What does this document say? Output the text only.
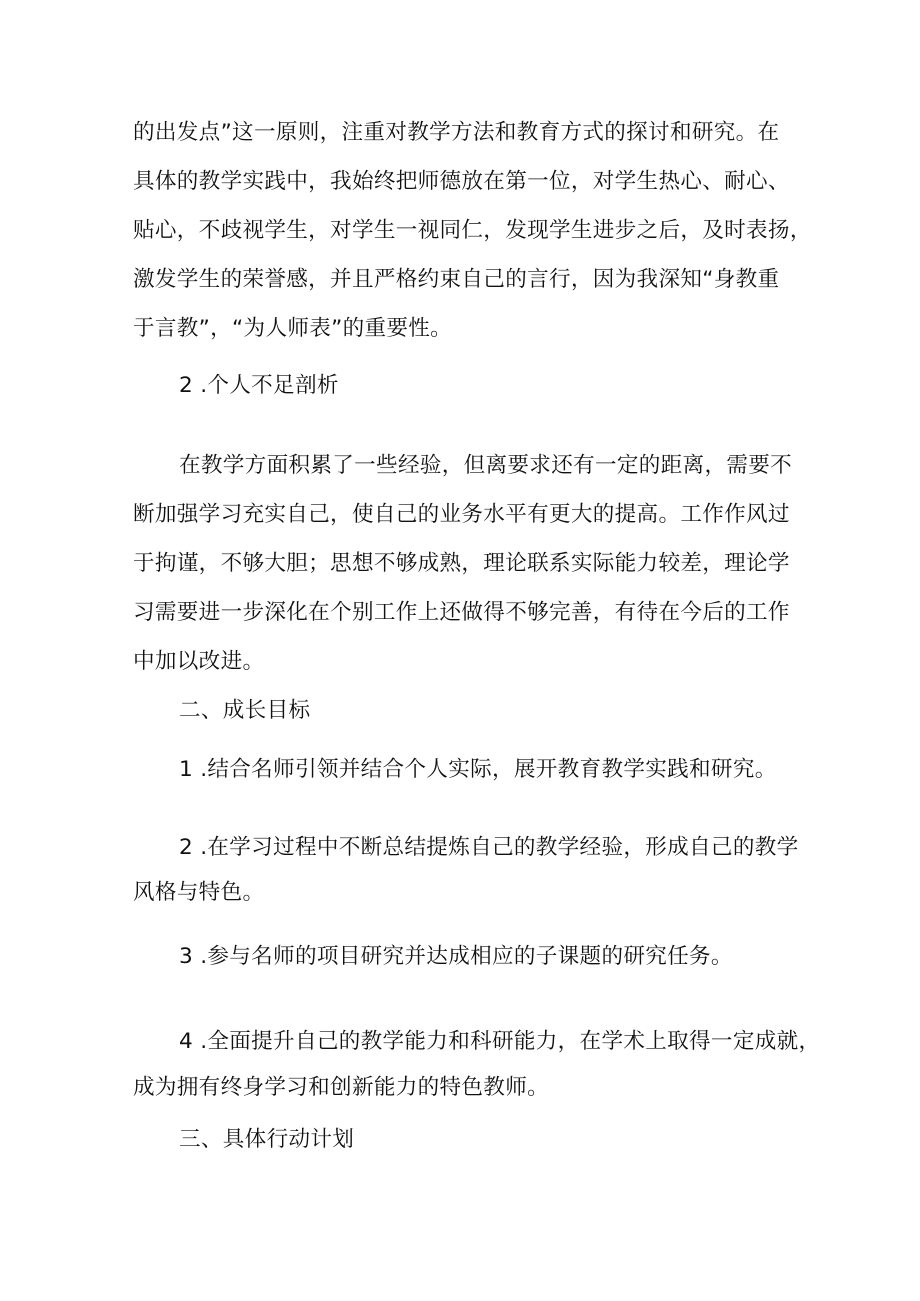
的出发点”这一原则，注重对教学方法和教育方式的探讨和研究。在
具体的教学实践中，我始终把师德放在第一位，对学生热心、耐心、
贴心，不歧视学生，对学生一视同仁，发现学生进步之后，及时表扬，
激发学生的荣誉感，并且严格约束自己的言行，因为我深知“身教重
于言教”，“为人师表”的重要性。
2 .个人不足剖析
在教学方面积累了一些经验，但离要求还有一定的距离，需要不
断加强学习充实自己，使自己的业务水平有更大的提高。工作作风过
于拘谨，不够大胆；思想不够成熟，理论联系实际能力较差，理论学
习需要进一步深化在个别工作上还做得不够完善，有待在今后的工作
中加以改进。
二、成长目标
1 .结合名师引领并结合个人实际，展开教育教学实践和研究。
2 .在学习过程中不断总结提炼自己的教学经验，形成自己的教学
风格与特色。
3 .参与名师的项目研究并达成相应的子课题的研究任务。
4 .全面提升自己的教学能力和科研能力，在学术上取得一定成就，
成为拥有终身学习和创新能力的特色教师。
三、具体行动计划
